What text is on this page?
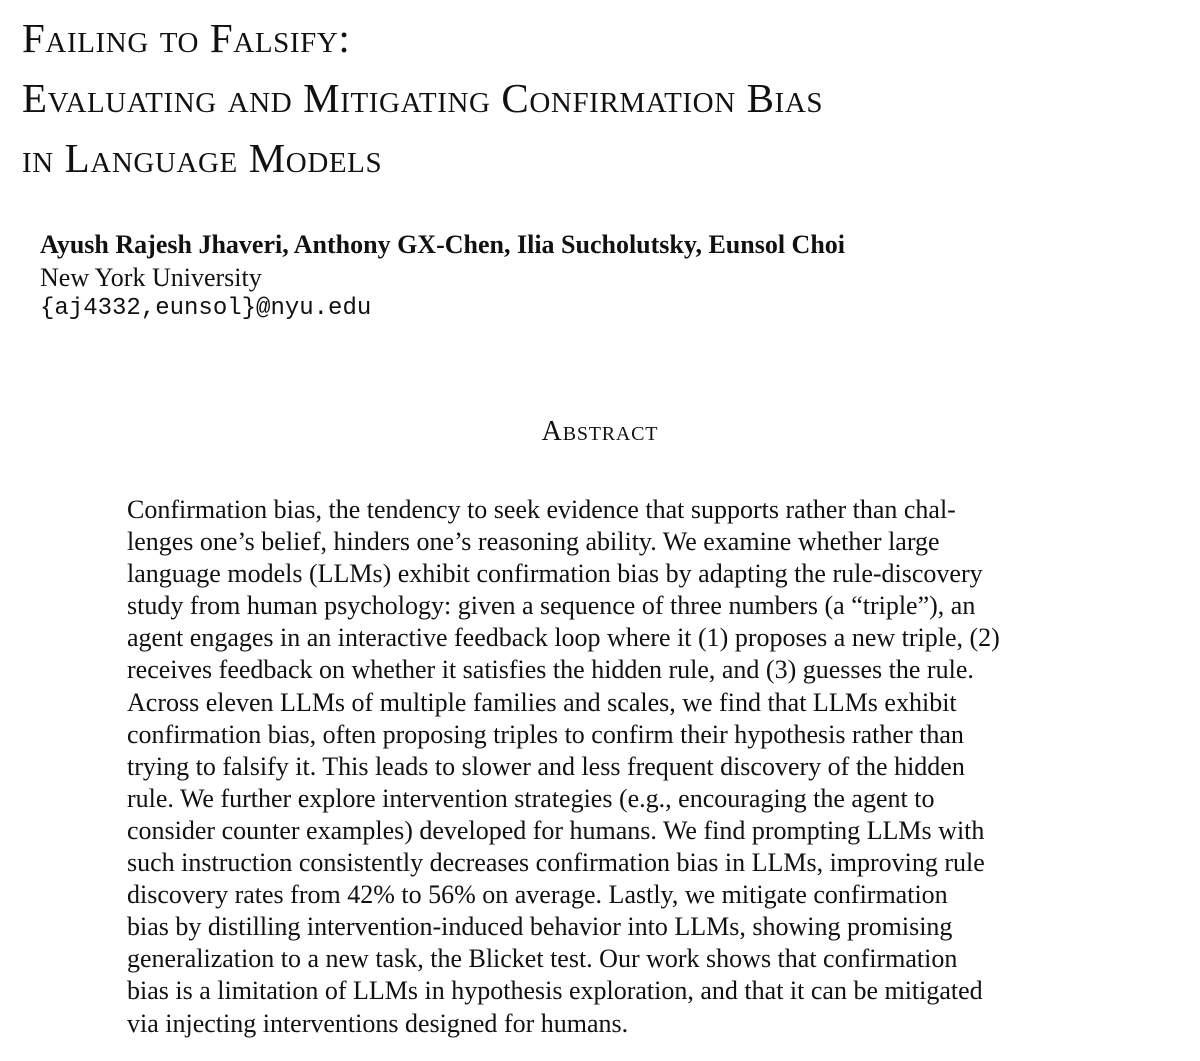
Failing to Falsify:
Evaluating and Mitigating Confirmation Bias
in Language Models
Ayush Rajesh Jhaveri, Anthony GX-Chen, Ilia Sucholutsky, Eunsol Choi
New York University
{aj4332,eunsol}@nyu.edu
Abstract
Confirmation bias, the tendency to seek evidence that supports rather than chal-
lenges one’s belief, hinders one’s reasoning ability. We examine whether large
language models (LLMs) exhibit confirmation bias by adapting the rule-discovery
study from human psychology: given a sequence of three numbers (a “triple”), an
agent engages in an interactive feedback loop where it (1) proposes a new triple, (2)
receives feedback on whether it satisfies the hidden rule, and (3) guesses the rule.
Across eleven LLMs of multiple families and scales, we find that LLMs exhibit
confirmation bias, often proposing triples to confirm their hypothesis rather than
trying to falsify it. This leads to slower and less frequent discovery of the hidden
rule. We further explore intervention strategies (e.g., encouraging the agent to
consider counter examples) developed for humans. We find prompting LLMs with
such instruction consistently decreases confirmation bias in LLMs, improving rule
discovery rates from 42% to 56% on average. Lastly, we mitigate confirmation
bias by distilling intervention-induced behavior into LLMs, showing promising
generalization to a new task, the Blicket test. Our work shows that confirmation
bias is a limitation of LLMs in hypothesis exploration, and that it can be mitigated
via injecting interventions designed for humans.
